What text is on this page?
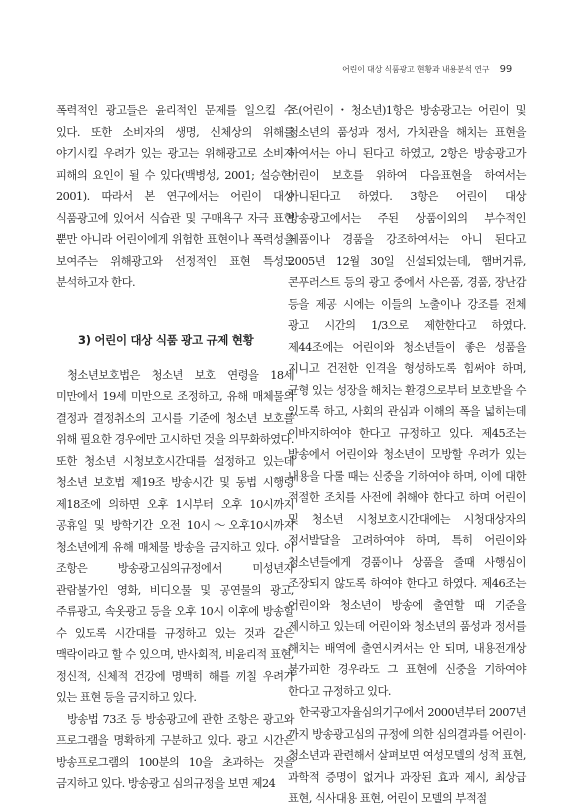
어린이 대상 식품광고 현황과 내용분석 연구 99

폭력적인 광고들은 윤리적인 문제를 일으킬 수 있다. 또한 소비자의 생명, 신체상의 위해를 야기시킬 우려가 있는 광고는 위해광고로 소비자 피해의 요인이 될 수 있다(백병성, 2001; 설승현, 2001). 따라서 본 연구에서는 어린이 대상 식품광고에 있어서 식습관 및 구매욕구 자극 표현 뿐만 아니라 어린이에게 위험한 표현이나 폭력성을 보여주는 위해광고와 선정적인 표현 특성도 분석하고자 한다.

3) 어린이 대상 식품 광고 규제 현황

청소년보호법은 청소년 보호 연령을 18세 미만에서 19세 미만으로 조정하고, 유해 매체물의 결정과 결정취소의 고시를 기준에 청소년 보호를 위해 필요한 경우에만 고시하던 것을 의무화하였다. 또한 청소년 시청보호시간대를 설정하고 있는데 청소년 보호법 제19조 방송시간 및 동법 시행령 제18조에 의하면 오후 1시부터 오후 10시까지 공휴일 및 방학기간 오전 10시～오후10시까지 청소년에게 유해 매체물 방송을 금지하고 있다. 이 조항은 방송광고심의규정에서 미성년자 관람불가인 영화, 비디오물 및 공연물의 광고, 주류광고, 속옷광고 등을 오후 10시 이후에 방송할 수 있도록 시간대를 규정하고 있는 것과 같은 맥락이라고 할 수 있으며, 반사회적, 비윤리적 표현, 정신적, 신체적 건강에 명백히 해를 끼칠 우려가 있는 표현 등을 금지하고 있다.

방송법 73조 등 방송광고에 관한 조항은 광고와 프로그램을 명확하게 구분하고 있다. 광고 시간은 방송프로그램의 100분의 10을 초과하는 것을 금지하고 있다. 방송광고 심의규정을 보면 제24

조(어린이・청소년)1항은 방송광고는 어린이 및 청소년의 품성과 정서, 가치관을 해치는 표현을 하여서는 아니 된다고 하였고, 2항은 방송광고가 어린이 보호를 위하여 다음표현을 하여서는 아니된다고 하였다. 3항은 어린이 대상 방송광고에서는 주된 상품이외의 부수적인 제품이나 경품을 강조하여서는 아니 된다고 2005년 12월 30일 신설되었는데, 햄버거류, 콘푸러스트 등의 광고 중에서 사은품, 경품, 장난감 등을 제공 시에는 이들의 노출이나 강조를 전체 광고 시간의 1/3으로 제한한다고 하였다. 제44조에는 어린이와 청소년들이 좋은 성품을 지니고 건전한 인격을 형성하도록 힘써야 하며, 균형 있는 성장을 해치는 환경으로부터 보호받을 수 있도록 하고, 사회의 관심과 이해의 폭을 넓히는데 이바지하여야 한다고 규정하고 있다. 제45조는 방송에서 어린이와 청소년이 모방할 우려가 있는 내용을 다룰 때는 신중을 기하여야 하며, 이에 대한 적절한 조치를 사전에 취해야 한다고 하며 어린이 및 청소년 시청보호시간대에는 시청대상자의 정서발달을 고려하여야 하며, 특히 어린이와 청소년들에게 경품이나 상품을 줄때 사행심이 조장되지 않도록 하여야 한다고 하였다. 제46조는 어린이와 청소년이 방송에 출연할 때 기준을 제시하고 있는데 어린이와 청소년의 품성과 정서를 해치는 배역에 출연시켜서는 안 되며, 내용전개상 불가피한 경우라도 그 표현에 신중을 기하여야 한다고 규정하고 있다.

한국광고자율심의기구에서 2000년부터 2007년 까지 방송광고심의 규정에 의한 심의결과를 어린이·청소년과 관련해서 살펴보면 여성모델의 성적 표현, 과학적 증명이 없거나 과장된 효과 제시, 최상급 표현, 식사대용 표현, 어린이 모델의 부적절
